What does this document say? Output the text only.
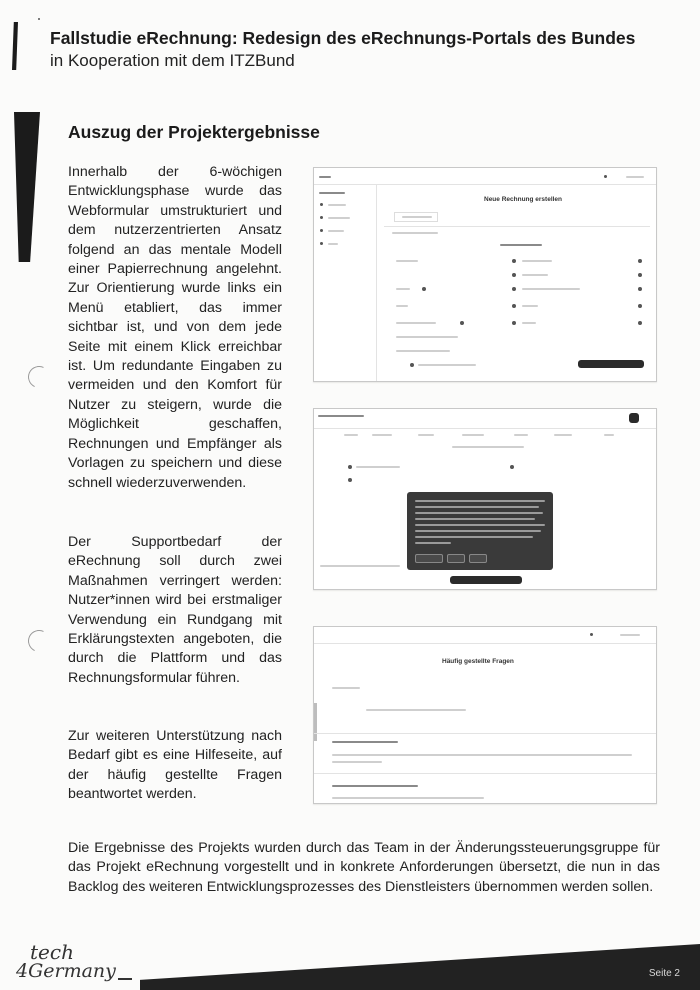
Fallstudie eRechnung: Redesign des eRechnungs-Portals des Bundes
in Kooperation mit dem ITZBund
Auszug der Projektergebnisse
Innerhalb der 6-wöchigen Entwicklungsphase wurde das Webformular umstrukturiert und dem nutzerzentrierten Ansatz folgend an das mentale Modell einer Papierrechnung angelehnt. Zur Orientierung wurde links ein Menü etabliert, das immer sichtbar ist, und von dem jede Seite mit einem Klick erreichbar ist. Um redundante Eingaben zu vermeiden und den Komfort für Nutzer zu steigern, wurde die Möglichkeit geschaffen, Rechnungen und Empfänger als Vorlagen zu speichern und diese schnell wiederzuverwenden.
Der Supportbedarf der eRechnung soll durch zwei Maßnahmen verringert werden: Nutzer*innen wird bei erstmaliger Verwendung ein Rundgang mit Erklärungstexten angeboten, die durch die Plattform und das Rechnungsformular führen.
Zur weiteren Unterstützung nach Bedarf gibt es eine Hilfeseite, auf der häufig gestellte Fragen beantwortet werden.
Die Ergebnisse des Projekts wurden durch das Team in der Änderungssteuerungsgruppe für das Projekt eRechnung vorgestellt und in konkrete Anforderungen übersetzt, die nun in das Backlog des weiteren Entwicklungsprozesses des Dienstleisters übernommen werden sollen.
Neue Rechnung erstellen
Häufig gestellte Fragen
tech
4Germany	Seite 2
